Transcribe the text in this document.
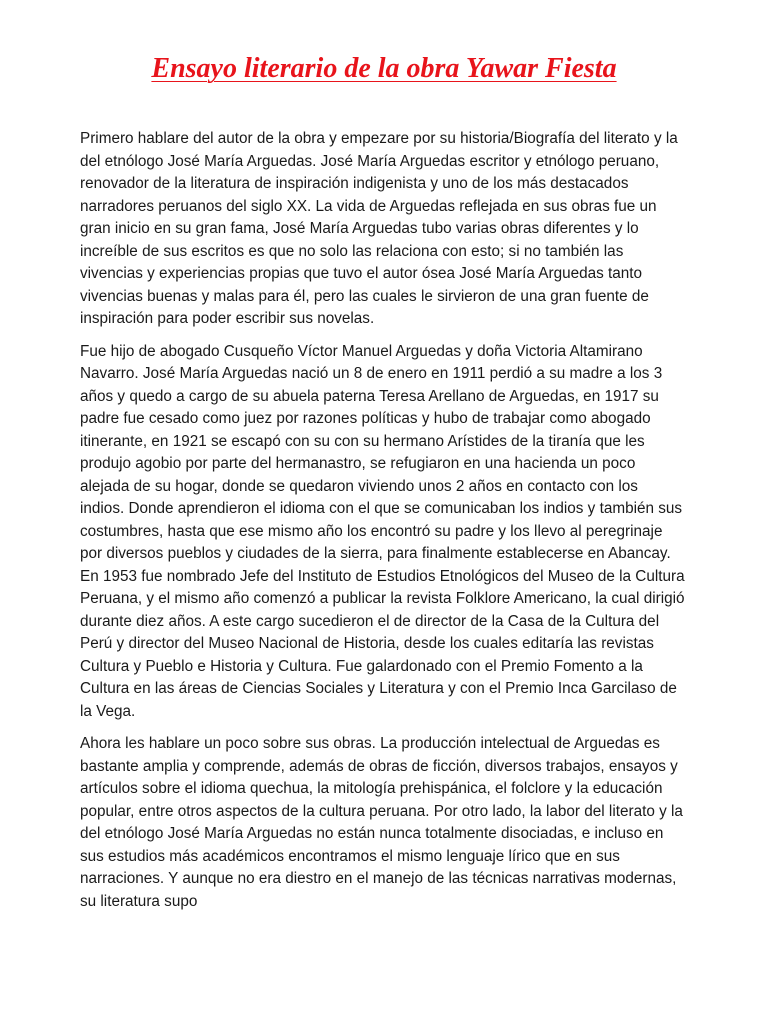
Ensayo literario de la obra Yawar Fiesta

Primero hablare del autor de la obra y empezare por su historia/Biografía del literato y la del etnólogo José María Arguedas. José María Arguedas escritor y etnólogo peruano, renovador de la literatura de inspiración indigenista y uno de los más destacados narradores peruanos del siglo XX. La vida de Arguedas reflejada en sus obras fue un gran inicio en su gran fama, José María Arguedas tubo varias obras diferentes y lo increíble de sus escritos es que no solo las relaciona con esto; si no también las vivencias y experiencias propias que tuvo el autor ósea José María Arguedas tanto vivencias buenas y malas para él, pero las cuales le sirvieron de una gran fuente de inspiración para poder escribir sus novelas.

Fue hijo de abogado Cusqueño Víctor Manuel Arguedas y doña Victoria Altamirano Navarro. José María Arguedas nació un 8 de enero en 1911 perdió a su madre a los 3 años y quedo a cargo de su abuela paterna Teresa Arellano de Arguedas, en 1917 su padre fue cesado como juez por razones políticas y hubo de trabajar como abogado itinerante, en 1921 se escapó con su con su hermano Arístides de la tiranía que les produjo agobio por parte del hermanastro, se refugiaron en una hacienda un poco alejada de su hogar, donde se quedaron viviendo unos 2 años en contacto con los indios. Donde aprendieron el idioma con el que se comunicaban los indios y también sus costumbres, hasta que ese mismo año los encontró su padre y los llevo al peregrinaje por diversos pueblos y ciudades de la sierra, para finalmente establecerse en Abancay. En 1953 fue nombrado Jefe del Instituto de Estudios Etnológicos del Museo de la Cultura Peruana, y el mismo año comenzó a publicar la revista Folklore Americano, la cual dirigió durante diez años. A este cargo sucedieron el de director de la Casa de la Cultura del Perú y director del Museo Nacional de Historia, desde los cuales editaría las revistas Cultura y Pueblo e Historia y Cultura. Fue galardonado con el Premio Fomento a la Cultura en las áreas de Ciencias Sociales y Literatura y con el Premio Inca Garcilaso de la Vega.

Ahora les hablare un poco sobre sus obras. La producción intelectual de Arguedas es bastante amplia y comprende, además de obras de ficción, diversos trabajos, ensayos y artículos sobre el idioma quechua, la mitología prehispánica, el folclore y la educación popular, entre otros aspectos de la cultura peruana. Por otro lado, la labor del literato y la del etnólogo José María Arguedas no están nunca totalmente disociadas, e incluso en sus estudios más académicos encontramos el mismo lenguaje lírico que en sus narraciones. Y aunque no era diestro en el manejo de las técnicas narrativas modernas, su literatura supo
